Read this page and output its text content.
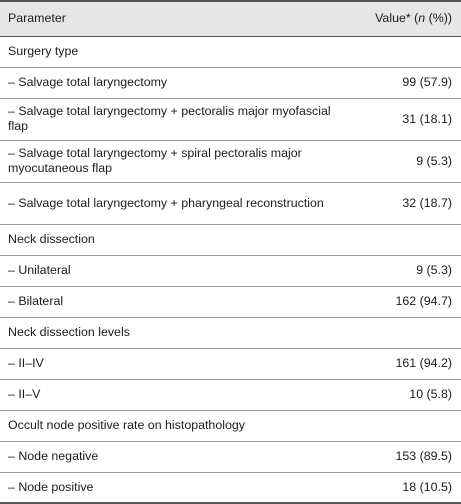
Parameter	Value* (n (%))
Surgery type	
– Salvage total laryngectomy	99 (57.9)
– Salvage total laryngectomy + pectoralis major myofascial flap	31 (18.1)
– Salvage total laryngectomy + spiral pectoralis major myocutaneous flap	9 (5.3)
– Salvage total laryngectomy + pharyngeal reconstruction	32 (18.7)
Neck dissection	
– Unilateral	9 (5.3)
– Bilateral	162 (94.7)
Neck dissection levels	
– II–IV	161 (94.2)
– II–V	10 (5.8)
Occult node positive rate on histopathology	
– Node negative	153 (89.5)
– Node positive	18 (10.5)
